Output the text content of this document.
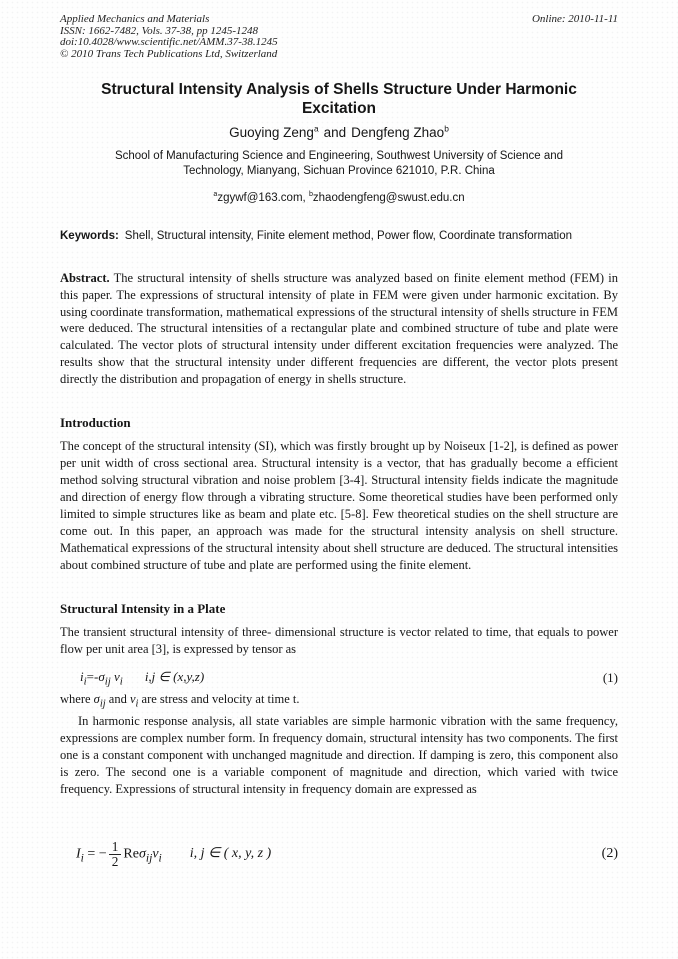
Applied Mechanics and Materials
ISSN: 1662-7482, Vols. 37-38, pp 1245-1248
doi:10.4028/www.scientific.net/AMM.37-38.1245
© 2010 Trans Tech Publications Ltd, Switzerland
Online: 2010-11-11
Structural Intensity Analysis of Shells Structure Under Harmonic Excitation
Guoying Zeng$^a$ and Dengfeng Zhao$^b$
School of Manufacturing Science and Engineering, Southwest University of Science and Technology, Mianyang, Sichuan Province 621010, P.R. China
$^a$zgywf@163.com, $^b$zhaodengfeng@swust.edu.cn
Keywords: Shell, Structural intensity, Finite element method, Power flow, Coordinate transformation
Abstract. The structural intensity of shells structure was analyzed based on finite element method (FEM) in this paper. The expressions of structural intensity of plate in FEM were given under harmonic excitation. By using coordinate transformation, mathematical expressions of the structural intensity of shells structure in FEM were deduced. The structural intensities of a rectangular plate and combined structure of tube and plate were calculated. The vector plots of structural intensity under different excitation frequencies were analyzed. The results show that the structural intensity under different frequencies are different, the vector plots present directly the distribution and propagation of energy in shells structure.
Introduction
The concept of the structural intensity (SI), which was firstly brought up by Noiseux [1-2], is defined as power per unit width of cross sectional area. Structural intensity is a vector, that has gradually become a efficient method solving structural vibration and noise problem [3-4]. Structural intensity fields indicate the magnitude and direction of energy flow through a vibrating structure. Some theoretical studies have been performed only limited to simple structures like as beam and plate etc. [5-8]. Few theoretical studies on the shell structure are come out. In this paper, an approach was made for the structural intensity analysis on shell structure. Mathematical expressions of the structural intensity about shell structure are deduced. The structural intensities about combined structure of tube and plate are performed using the finite element.
Structural Intensity in a Plate
The transient structural intensity of three- dimensional structure is vector related to time, that equals to power flow per unit area [3], is expressed by tensor as
$i_i=-\sigma_{ij}$ $v_i$ i,j ∈ (x,y,z)	(1)
where $\sigma_{ij}$ and $v_i$ are stress and velocity at time t.
In harmonic response analysis, all state variables are simple harmonic vibration with the same frequency, expressions are complex number form. In frequency domain, structural intensity has two components. The first one is a constant component with unchanged magnitude and direction. If damping is zero, this component also is zero. The second one is a variable component of magnitude and direction, which varied with twice frequency. Expressions of structural intensity in frequency domain are expressed as
$I_i$ = − $\frac{1}{2} Re\sigma_{ij}v_i$ i, j ∈ ( x, y, z )	(2)
